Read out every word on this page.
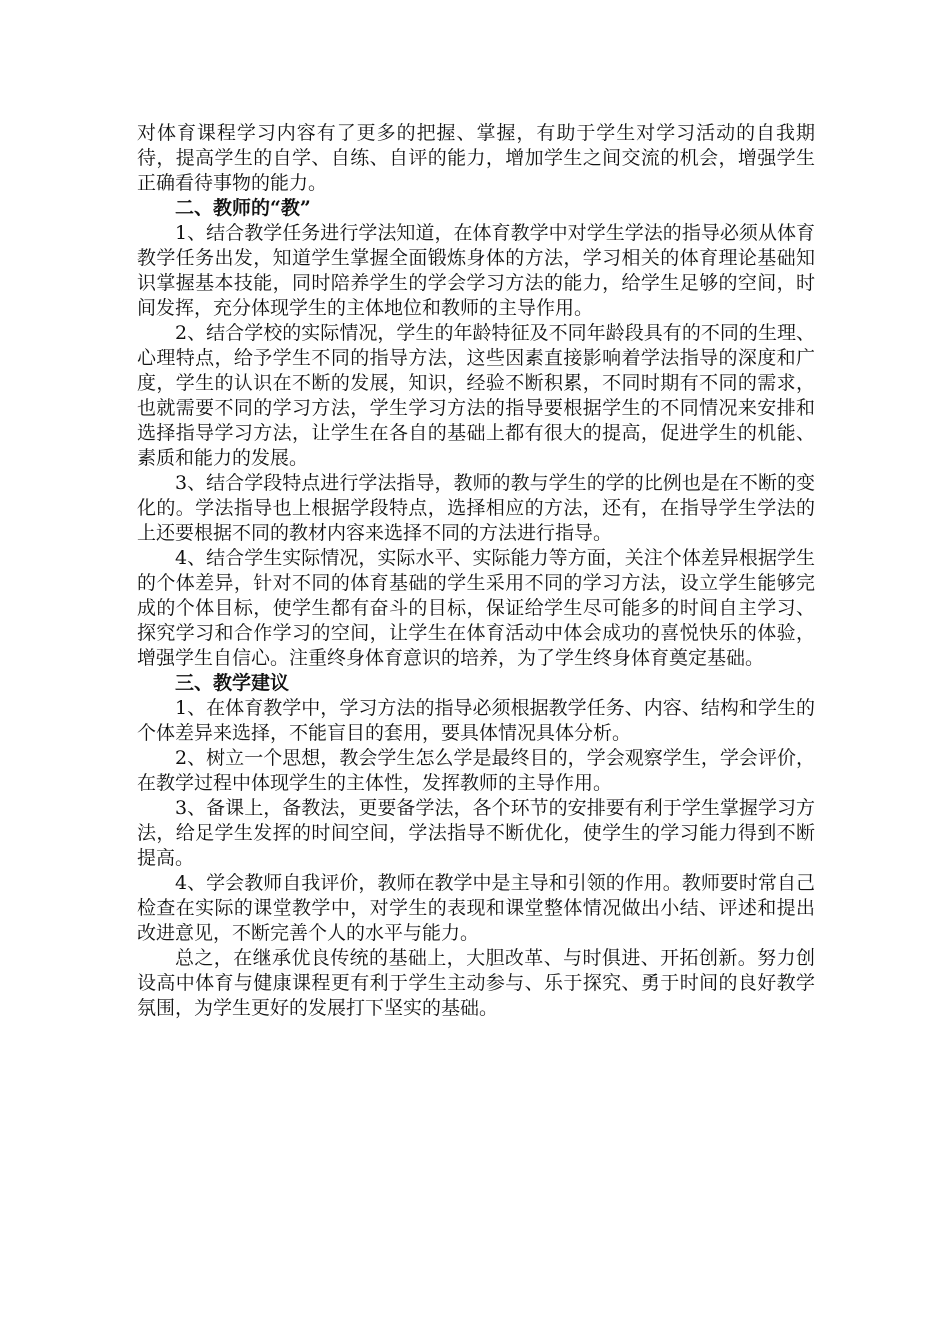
对体育课程学习内容有了更多的把握、掌握，有助于学生对学习活动的自我期待，提高学生的自学、自练、自评的能力，增加学生之间交流的机会，增强学生正确看待事物的能力。

二、教师的“教”

1、结合教学任务进行学法知道，在体育教学中对学生学法的指导必须从体育教学任务出发，知道学生掌握全面锻炼身体的方法，学习相关的体育理论基础知识掌握基本技能，同时陪养学生的学会学习方法的能力，给学生足够的空间，时间发挥，充分体现学生的主体地位和教师的主导作用。

2、结合学校的实际情况，学生的年龄特征及不同年龄段具有的不同的生理、心理特点，给予学生不同的指导方法，这些因素直接影响着学法指导的深度和广度，学生的认识在不断的发展，知识，经验不断积累，不同时期有不同的需求，也就需要不同的学习方法，学生学习方法的指导要根据学生的不同情况来安排和选择指导学习方法，让学生在各自的基础上都有很大的提高，促进学生的机能、素质和能力的发展。

3、结合学段特点进行学法指导，教师的教与学生的学的比例也是在不断的变化的。学法指导也上根据学段特点，选择相应的方法，还有，在指导学生学法的上还要根据不同的教材内容来选择不同的方法进行指导。

4、结合学生实际情况，实际水平、实际能力等方面，关注个体差异根据学生的个体差异，针对不同的体育基础的学生采用不同的学习方法，设立学生能够完成的个体目标，使学生都有奋斗的目标，保证给学生尽可能多的时间自主学习、探究学习和合作学习的空间，让学生在体育活动中体会成功的喜悦快乐的体验，增强学生自信心。注重终身体育意识的培养，为了学生终身体育奠定基础。

三、教学建议

1、在体育教学中，学习方法的指导必须根据教学任务、内容、结构和学生的个体差异来选择，不能盲目的套用，要具体情况具体分析。

2、树立一个思想，教会学生怎么学是最终目的，学会观察学生，学会评价，在教学过程中体现学生的主体性，发挥教师的主导作用。

3、备课上，备教法，更要备学法，各个环节的安排要有利于学生掌握学习方法，给足学生发挥的时间空间，学法指导不断优化，使学生的学习能力得到不断提高。

4、学会教师自我评价，教师在教学中是主导和引领的作用。教师要时常自己检查在实际的课堂教学中，对学生的表现和课堂整体情况做出小结、评述和提出改进意见，不断完善个人的水平与能力。

总之，在继承优良传统的基础上，大胆改革、与时俱进、开拓创新。努力创设高中体育与健康课程更有利于学生主动参与、乐于探究、勇于时间的良好教学氛围，为学生更好的发展打下坚实的基础。
